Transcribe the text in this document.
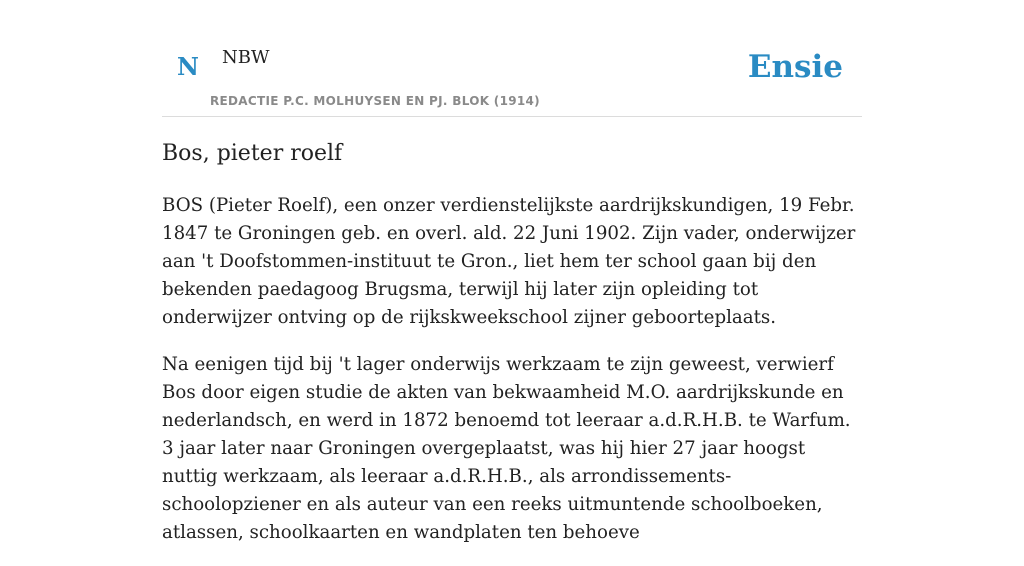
N NBW
REDACTIE P.C. MOLHUYSEN EN PJ. BLOK (1914)
Ensie
Bos, pieter roelf

BOS (Pieter Roelf), een onzer verdienstelijkste aardrijkskundigen, 19 Febr. 1847 te Groningen geb. en overl. ald. 22 Juni 1902. Zijn vader, onderwijzer aan 't Doofstommen-instituut te Gron., liet hem ter school gaan bij den bekenden paedagoog Brugsma, terwijl hij later zijn opleiding tot onderwijzer ontving op de rijkskweekschool zijner geboorteplaats.

Na eenigen tijd bij 't lager onderwijs werkzaam te zijn geweest, verwierf Bos door eigen studie de akten van bekwaamheid M.O. aardrijkskunde en nederlandsch, en werd in 1872 benoemd tot leeraar a.d.R.H.B. te Warfum. 3 jaar later naar Groningen overgeplaatst, was hij hier 27 jaar hoogst nuttig werkzaam, als leeraar a.d.R.H.B., als arrondissements-schoolopziener en als auteur van een reeks uitmuntende schoolboeken, atlassen, schoolkaarten en wandplaten ten behoeve
